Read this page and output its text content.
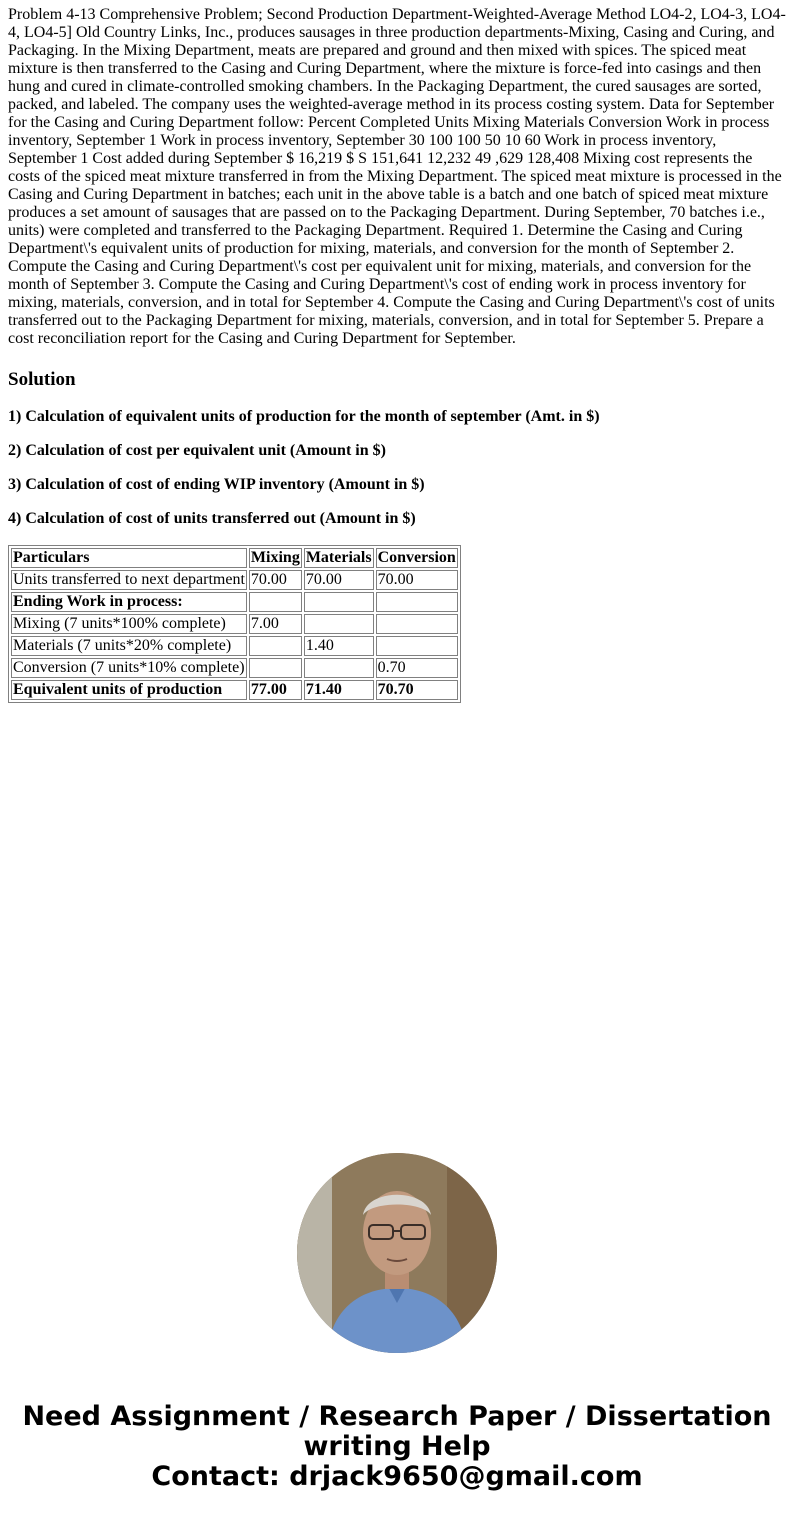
Problem 4-13 Comprehensive Problem; Second Production Department-Weighted-Average Method LO4-2, LO4-3, LO4-4, LO4-5] Old Country Links, Inc., produces sausages in three production departments-Mixing, Casing and Curing, and Packaging. In the Mixing Department, meats are prepared and ground and then mixed with spices. The spiced meat mixture is then transferred to the Casing and Curing Department, where the mixture is force-fed into casings and then hung and cured in climate-controlled smoking chambers. In the Packaging Department, the cured sausages are sorted, packed, and labeled. The company uses the weighted-average method in its process costing system. Data for September for the Casing and Curing Department follow: Percent Completed Units Mixing Materials Conversion Work in process inventory, September 1 Work in process inventory, September 30 100 100 50 10 60 Work in process inventory, September 1 Cost added during September $ 16,219 $ S 151,641 12,232 49 ,629 128,408 Mixing cost represents the costs of the spiced meat mixture transferred in from the Mixing Department. The spiced meat mixture is processed in the Casing and Curing Department in batches; each unit in the above table is a batch and one batch of spiced meat mixture produces a set amount of sausages that are passed on to the Packaging Department. During September, 70 batches i.e., units) were completed and transferred to the Packaging Department. Required 1. Determine the Casing and Curing Department\'s equivalent units of production for mixing, materials, and conversion for the month of September 2. Compute the Casing and Curing Department\'s cost per equivalent unit for mixing, materials, and conversion for the month of September 3. Compute the Casing and Curing Department\'s cost of ending work in process inventory for mixing, materials, conversion, and in total for September 4. Compute the Casing and Curing Department\'s cost of units transferred out to the Packaging Department for mixing, materials, conversion, and in total for September 5. Prepare a cost reconciliation report for the Casing and Curing Department for September.

Solution
1) Calculation of equivalent units of production for the month of september (Amt. in $)
2) Calculation of cost per equivalent unit (Amount in $)
3) Calculation of cost of ending WIP inventory (Amount in $)
4) Calculation of cost of units transferred out (Amount in $)
Particulars	Mixing	Materials	Conversion
Units transferred to next department	70.00	70.00	70.00
Ending Work in process:			
Mixing (7 units*100% complete)	7.00		
Materials (7 units*20% complete)		1.40	
Conversion (7 units*10% complete)			0.70
Equivalent units of production	77.00	71.40	70.70
Need Assignment / Research Paper / Dissertation
writing Help
Contact: drjack9650@gmail.com
